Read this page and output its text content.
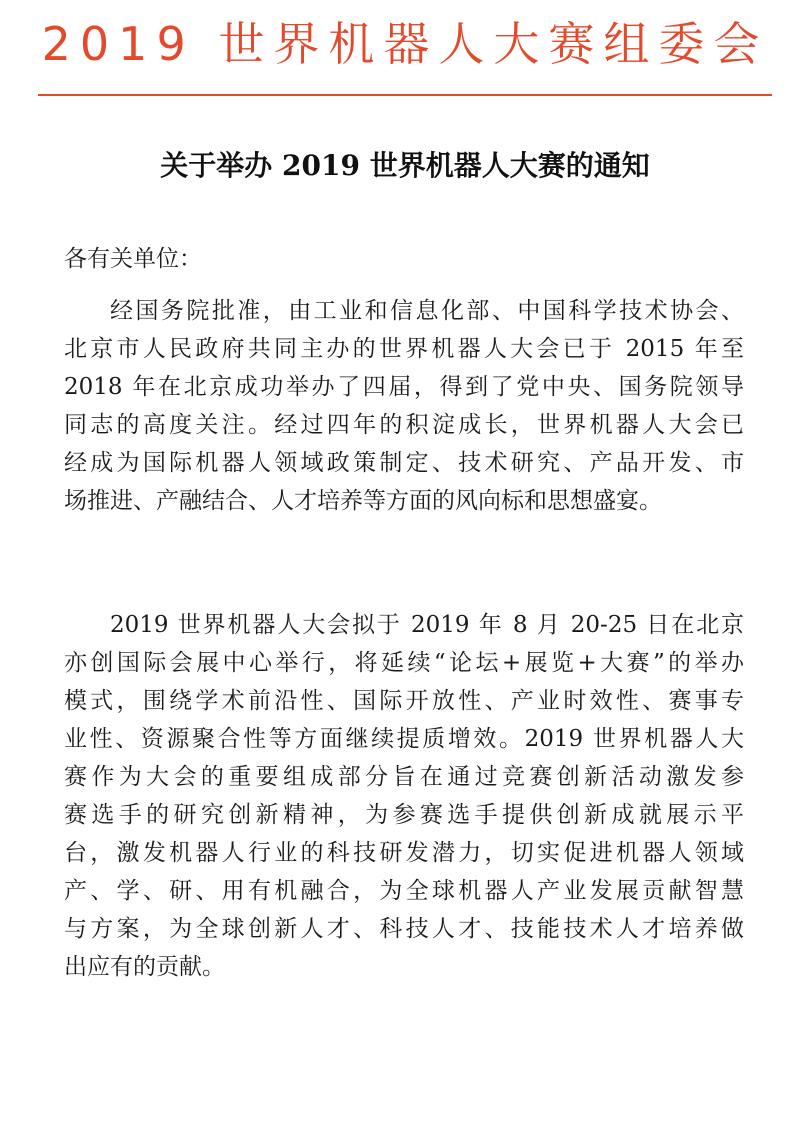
2019 世界机器人大赛组委会
关于举办 2019 世界机器人大赛的通知
各有关单位：
经国务院批准，由工业和信息化部、中国科学技术协会、
北京市人民政府共同主办的世界机器人大会已于 2015 年至
2018 年在北京成功举办了四届，得到了党中央、国务院领导
同志的高度关注。经过四年的积淀成长，世界机器人大会已
经成为国际机器人领域政策制定、技术研究、产品开发、市
场推进、产融结合、人才培养等方面的风向标和思想盛宴。
2019 世界机器人大会拟于 2019 年 8 月 20-25 日在北京
亦创国际会展中心举行，将延续“论坛+展览+大赛”的举办
模式，围绕学术前沿性、国际开放性、产业时效性、赛事专
业性、资源聚合性等方面继续提质增效。2019 世界机器人大
赛作为大会的重要组成部分旨在通过竞赛创新活动激发参
赛选手的研究创新精神，为参赛选手提供创新成就展示平
台，激发机器人行业的科技研发潜力，切实促进机器人领域
产、学、研、用有机融合，为全球机器人产业发展贡献智慧
与方案，为全球创新人才、科技人才、技能技术人才培养做
出应有的贡献。
